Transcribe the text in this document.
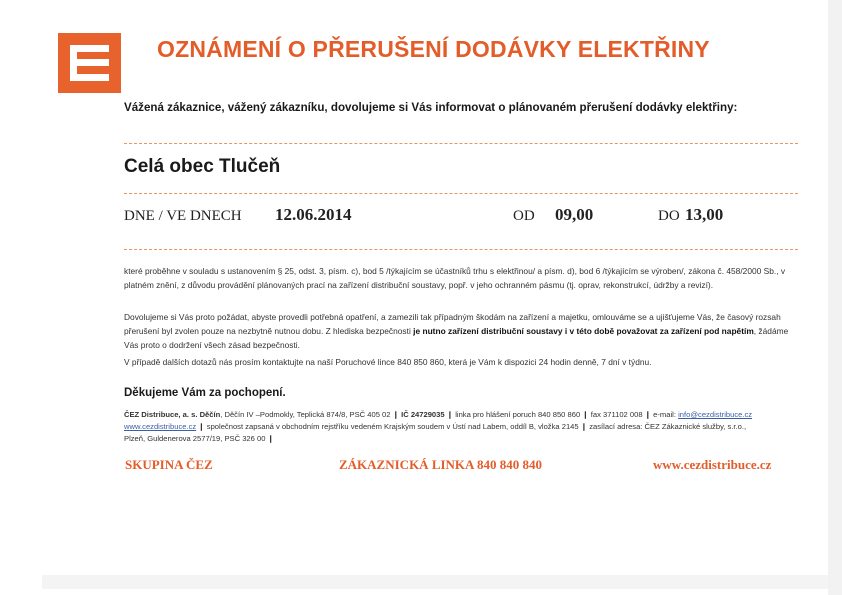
OZNÁMENÍ O PŘERUŠENÍ DODÁVKY ELEKTŘINY
Vážená zákaznice, vážený zákazníku, dovolujeme si Vás informovat o plánovaném přerušení dodávky elektřiny:
Celá obec Tlučeň
DNE / VE DNECH 12.06.2014	OD 09,00	DO 13,00
které proběhne v souladu s ustanovením § 25, odst. 3, písm. c), bod 5 /týkajícím se účastníků trhu s elektřinou/ a písm. d), bod 6 /týkajícím se výroben/, zákona č. 458/2000 Sb., v platném znění, z důvodu provádění plánovaných prací na zařízení distribuční soustavy, popř. v jeho ochranném pásmu (tj. oprav, rekonstrukcí, údržby a revizí).
Dovolujeme si Vás proto požádat, abyste provedli potřebná opatření, a zamezili tak případným škodám na zařízení a majetku, omlouváme se a ujišťujeme Vás, že časový rozsah přerušení byl zvolen pouze na nezbytně nutnou dobu. Z hlediska bezpečnosti je nutno zařízení distribuční soustavy i v této době považovat za zařízení pod napětím, žádáme Vás proto o dodržení všech zásad bezpečnosti.
V případě dalších dotazů nás prosím kontaktujte na naší Poruchové lince 840 850 860, která je Vám k dispozici 24 hodin denně, 7 dní v týdnu.
Děkujeme Vám za pochopení.
ČEZ Distribuce, a. s. Děčín, Děčín IV –Podmokly, Teplická 874/8, PSČ 405 02 ❙ IČ 24729035 ❙ linka pro hlášení poruch 840 850 860 ❙ fax 371102 008 ❙ e-mail: info@cezdistribuce.cz
www.cezdistribuce.cz ❙ společnost zapsaná v obchodním rejstříku vedeném Krajským soudem v Ústí nad Labem, oddíl B, vložka 2145 ❙ zasílací adresa: ČEZ Zákaznické služby, s.r.o.,
Plzeň, Guldenerova 2577/19, PSČ 326 00 ❙
SKUPINA ČEZ	ZÁKAZNICKÁ LINKA 840 840 840	www.cezdistribuce.cz
